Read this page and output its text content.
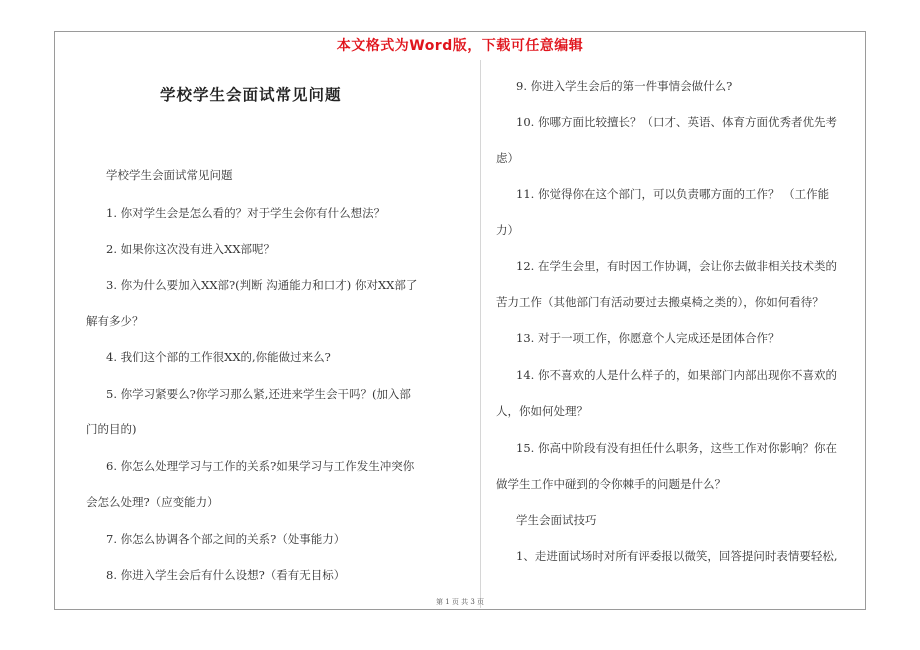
本文格式为Word版，下载可任意编辑
学校学生会面试常见问题

学校学生会面试常见问题

1. 你对学生会是怎么看的？对于学生会你有什么想法？

2. 如果你这次没有进入XX部呢？

3. 你为什么要加入XX部?(判断 沟通能力和口才) 你对XX部了

解有多少？

4. 我们这个部的工作很XX的,你能做过来么?

5. 你学习紧要么?你学习那么紧,还进来学生会干吗？(加入部

门的目的)

6. 你怎么处理学习与工作的关系?如果学习与工作发生冲突你

会怎么处理?（应变能力）

7. 你怎么协调各个部之间的关系?（处事能力）

8. 你进入学生会后有什么设想?（看有无目标）

9. 你进入学生会后的第一件事情会做什么?

10. 你哪方面比较擅长？（口才、英语、体育方面优秀者优先考

虑）

11. 你觉得你在这个部门，可以负责哪方面的工作？ （工作能

力）

12. 在学生会里，有时因工作协调，会让你去做非相关技术类的

苦力工作（其他部门有活动要过去搬桌椅之类的），你如何看待？

13. 对于一项工作，你愿意个人完成还是团体合作？

14. 你不喜欢的人是什么样子的，如果部门内部出现你不喜欢的

人，你如何处理？

15. 你高中阶段有没有担任什么职务，这些工作对你影响？你在

做学生工作中碰到的令你棘手的问题是什么？

学生会面试技巧

1、走进面试场时对所有评委报以微笑，回答提问时表情要轻松,

第 1 页 共 3 页
